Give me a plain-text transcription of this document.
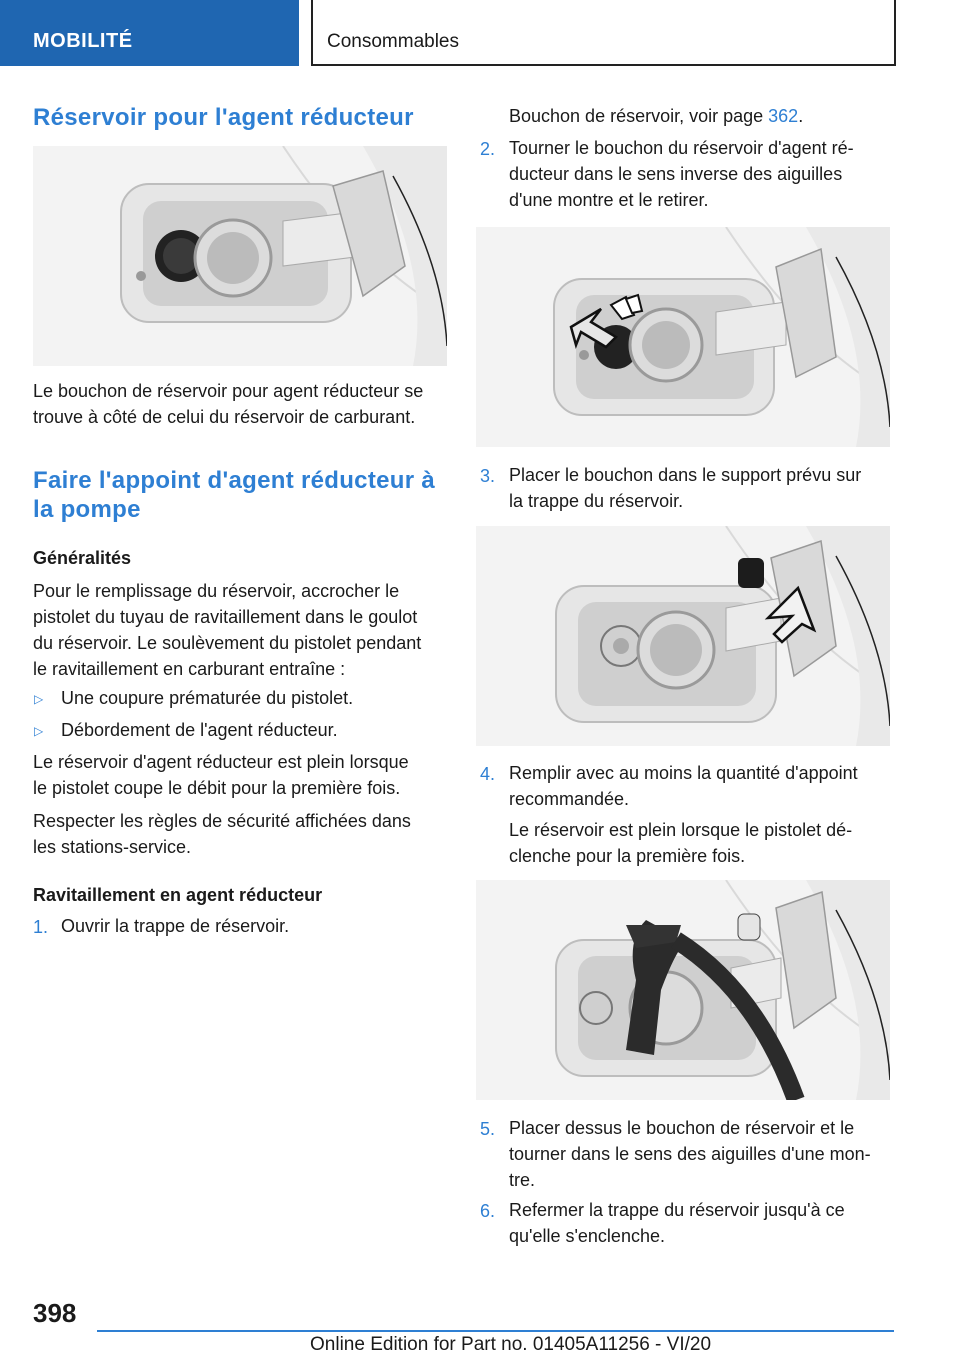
MOBILITÉ	Consommables
Réservoir pour l'agent réducteur
Le bouchon de réservoir pour agent réducteur se
trouve à côté de celui du réservoir de carburant.
Faire l'appoint d'agent réducteur à
la pompe
Généralités
Pour le remplissage du réservoir, accrocher le
pistolet du tuyau de ravitaillement dans le goulot
du réservoir. Le soulèvement du pistolet pendant
le ravitaillement en carburant entraîne :
▷ Une coupure prématurée du pistolet.
▷ Débordement de l'agent réducteur.
Le réservoir d'agent réducteur est plein lorsque
le pistolet coupe le débit pour la première fois.
Respecter les règles de sécurité affichées dans
les stations-service.
Ravitaillement en agent réducteur
1. Ouvrir la trappe de réservoir.
Bouchon de réservoir, voir page 362.
2. Tourner le bouchon du réservoir d'agent ré‐
ducteur dans le sens inverse des aiguilles
d'une montre et le retirer.
3. Placer le bouchon dans le support prévu sur
la trappe du réservoir.
4. Remplir avec au moins la quantité d'appoint
recommandée.
Le réservoir est plein lorsque le pistolet dé‐
clenche pour la première fois.
5. Placer dessus le bouchon de réservoir et le
tourner dans le sens des aiguilles d'une mon‐
tre.
6. Refermer la trappe du réservoir jusqu'à ce
qu'elle s'enclenche.
398
Online Edition for Part no. 01405A11256 - VI/20
